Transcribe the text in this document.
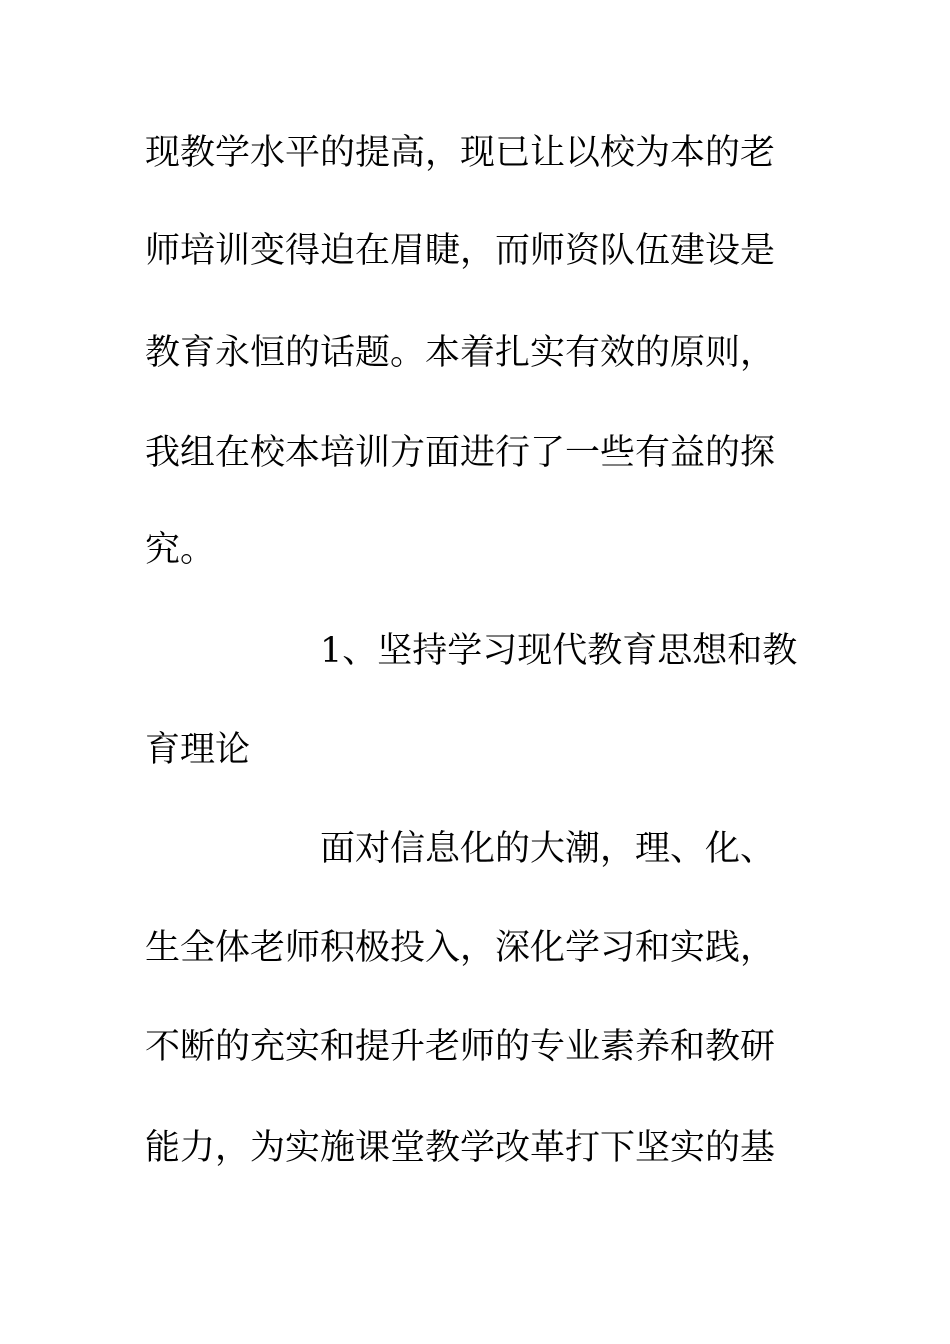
现教学水平的提高，现已让以校为本的老
师培训变得迫在眉睫，而师资队伍建设是
教育永恒的话题。本着扎实有效的原则，
我组在校本培训方面进行了一些有益的探
究。
1、坚持学习现代教育思想和教
育理论
面对信息化的大潮，理、化、
生全体老师积极投入，深化学习和实践，
不断的充实和提升老师的专业素养和教研
能力，为实施课堂教学改革打下坚实的基
